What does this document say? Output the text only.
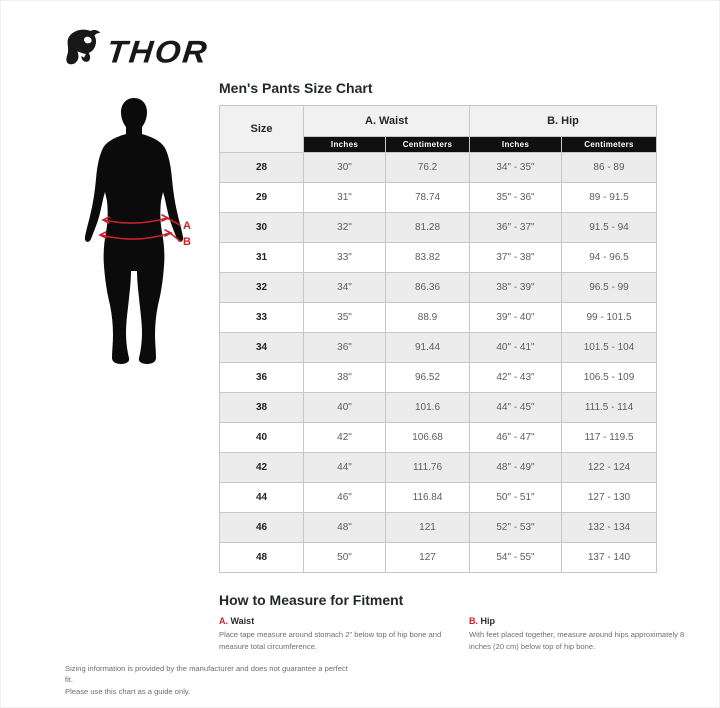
THOR
A
B
Men's Pants Size Chart
Size	A. Waist		B. Hip	
	Inches	Centimeters	Inches	Centimeters
28	30"	76.2	34" - 35"	86 - 89
29	31"	78.74	35" - 36"	89 - 91.5
30	32"	81.28	36" - 37"	91.5 - 94
31	33"	83.82	37" - 38"	94 - 96.5
32	34"	86.36	38" - 39"	96.5 - 99
33	35"	88.9	39" - 40"	99 - 101.5
34	36"	91.44	40" - 41"	101.5 - 104
36	38"	96.52	42" - 43"	106.5 - 109
38	40"	101.6	44" - 45"	111.5 - 114
40	42"	106.68	46" - 47"	117 - 119.5
42	44"	111.76	48" - 49"	122 - 124
44	46"	116.84	50" - 51"	127 - 130
46	48"	121	52" - 53"	132 - 134
48	50"	127	54" - 55"	137 - 140
How to Measure for Fitment
A. Waist

Place tape measure around stomach 2" below top of hip bone and measure total circumference.

B. Hip

With feet placed together, measure around hips approximately 8 inches (20 cm) below top of hip bone.

Sizing information is provided by the manufacturer and does not guarantee a perfect fit.
Please use this chart as a guide only.
